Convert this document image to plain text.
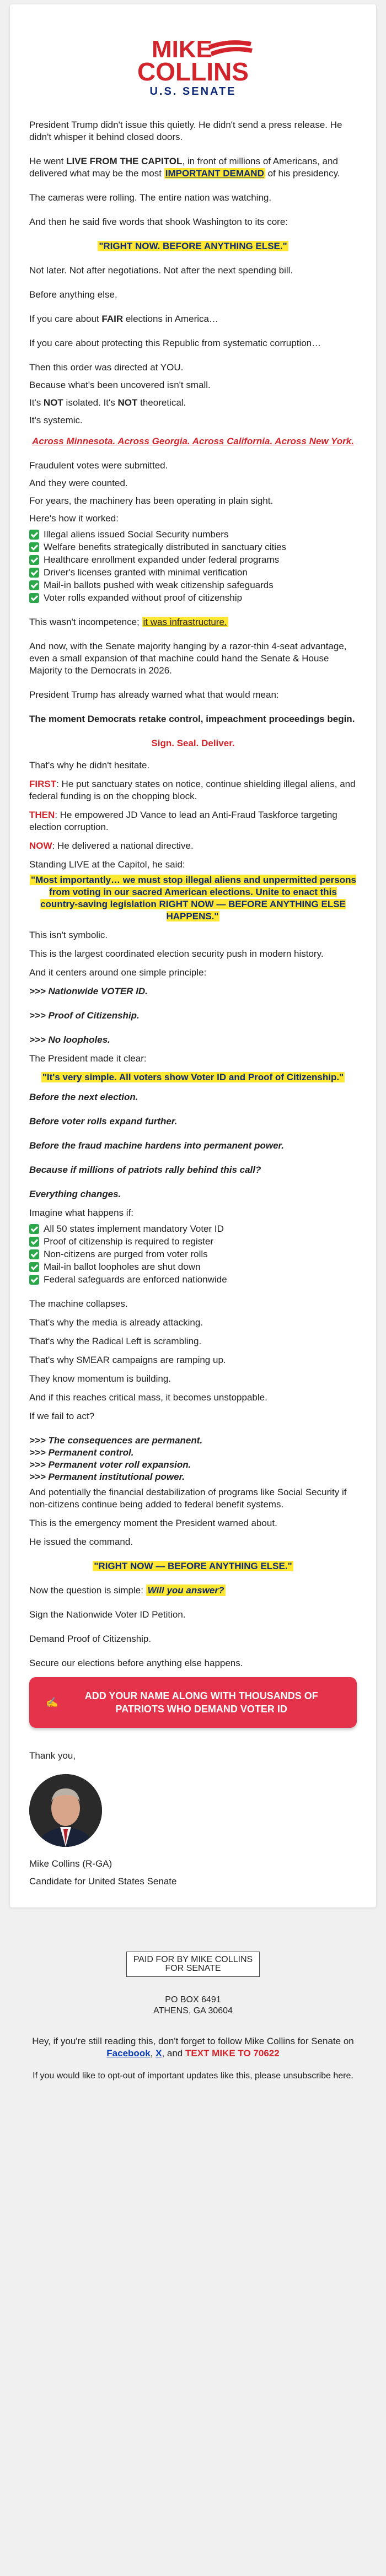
MIKE
COLLINS
U.S. SENATE

President Trump didn't issue this quietly. He didn't send a press release. He didn't whisper it behind closed doors.

He went LIVE FROM THE CAPITOL, in front of millions of Americans, and delivered what may be the most IMPORTANT DEMAND of his presidency.

The cameras were rolling. The entire nation was watching.

And then he said five words that shook Washington to its core:

"RIGHT NOW. BEFORE ANYTHING ELSE."

Not later. Not after negotiations. Not after the next spending bill.

Before anything else.

If you care about FAIR elections in America…

If you care about protecting this Republic from systematic corruption…

Then this order was directed at YOU.

Because what's been uncovered isn't small.

It's NOT isolated. It's NOT theoretical.

It's systemic.

Across Minnesota. Across Georgia. Across California. Across New York.

Fraudulent votes were submitted.

And they were counted.

For years, the machinery has been operating in plain sight.

Here's how it worked:

Illegal aliens issued Social Security numbers
Welfare benefits strategically distributed in sanctuary cities
Healthcare enrollment expanded under federal programs
Driver's licenses granted with minimal verification
Mail-in ballots pushed with weak citizenship safeguards
Voter rolls expanded without proof of citizenship

This wasn't incompetence; it was infrastructure.

And now, with the Senate majority hanging by a razor-thin 4-seat advantage, even a small expansion of that machine could hand the Senate & House Majority to the Democrats in 2026.

President Trump has already warned what that would mean:

The moment Democrats retake control, impeachment proceedings begin.

Sign. Seal. Deliver.

That's why he didn't hesitate.

FIRST: He put sanctuary states on notice, continue shielding illegal aliens, and federal funding is on the chopping block.

THEN: He empowered JD Vance to lead an Anti-Fraud Taskforce targeting election corruption.

NOW: He delivered a national directive.

Standing LIVE at the Capitol, he said:

"Most importantly… we must stop illegal aliens and unpermitted persons from voting in our sacred American elections. Unite to enact this country-saving legislation RIGHT NOW — BEFORE ANYTHING ELSE HAPPENS."

This isn't symbolic.

This is the largest coordinated election security push in modern history.

And it centers around one simple principle:

>>> Nationwide VOTER ID.

>>> Proof of Citizenship.

>>> No loopholes.

The President made it clear:

"It's very simple. All voters show Voter ID and Proof of Citizenship."

Before the next election.

Before voter rolls expand further.

Before the fraud machine hardens into permanent power.

Because if millions of patriots rally behind this call?

Everything changes.

Imagine what happens if:

All 50 states implement mandatory Voter ID
Proof of citizenship is required to register
Non-citizens are purged from voter rolls
Mail-in ballot loopholes are shut down
Federal safeguards are enforced nationwide

The machine collapses.

That's why the media is already attacking.

That's why the Radical Left is scrambling.

That's why SMEAR campaigns are ramping up.

They know momentum is building.

And if this reaches critical mass, it becomes unstoppable.

If we fail to act?

>>> The consequences are permanent.

>>> Permanent control.

>>> Permanent voter roll expansion.

>>> Permanent institutional power.

And potentially the financial destabilization of programs like Social Security if non-citizens continue being added to federal benefit systems.

This is the emergency moment the President warned about.

He issued the command.

"RIGHT NOW — BEFORE ANYTHING ELSE."

Now the question is simple: Will you answer?

Sign the Nationwide Voter ID Petition.

Demand Proof of Citizenship.

Secure our elections before anything else happens.

✍
ADD YOUR NAME ALONG WITH THOUSANDS OF PATRIOTS WHO DEMAND VOTER ID

Thank you,

Mike Collins (R-GA)

Candidate for United States Senate

PAID FOR BY MIKE COLLINS FOR SENATE
PO BOX 6491
ATHENS, GA 30604
Hey, if you're still reading this, don't forget to follow Mike Collins for Senate on Facebook, X, and TEXT MIKE TO 70622
If you would like to opt-out of important updates like this, please unsubscribe here.
